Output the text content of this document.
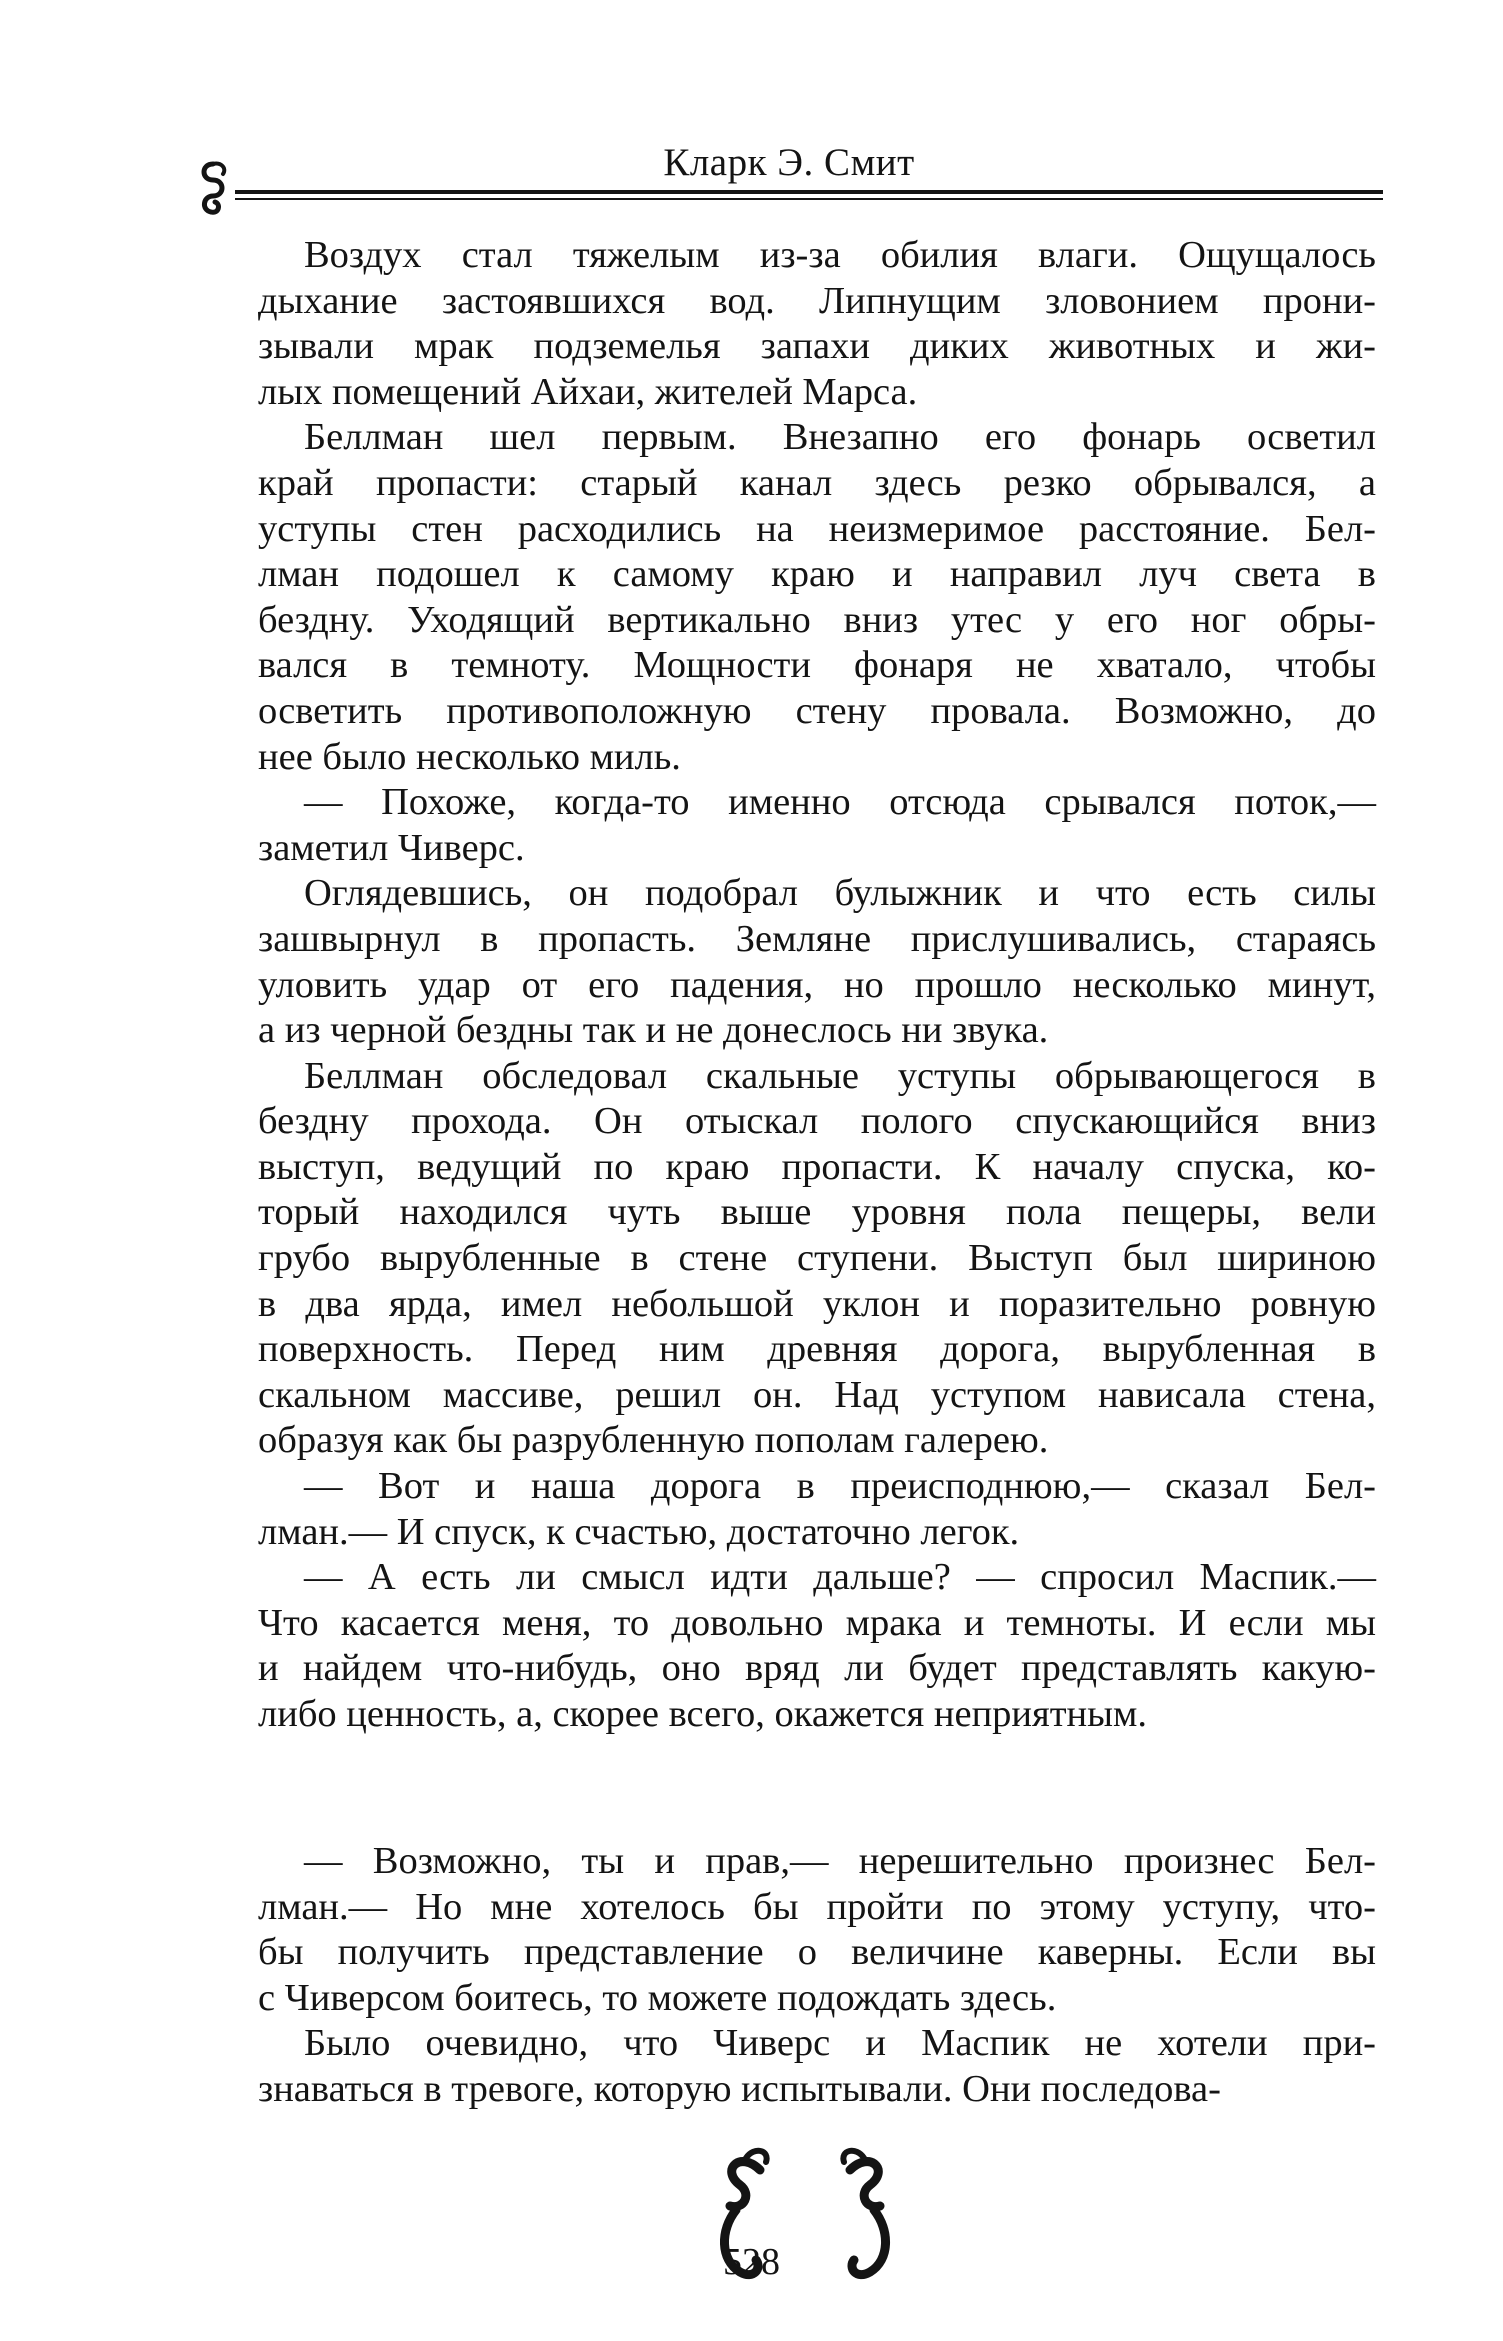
Кларк Э. Смит

Воздух стал тяжелым из-за обилия влаги. Ощущалось
дыхание застоявшихся вод. Липнущим зловонием прони-
зывали мрак подземелья запахи диких животных и жи-
лых помещений Айхаи, жителей Марса.

Беллман шел первым. Внезапно его фонарь осветил
край пропасти: старый канал здесь резко обрывался, а
уступы стен расходились на неизмеримое расстояние. Бел-
лман подошел к самому краю и направил луч света в
бездну. Уходящий вертикально вниз утес у его ног обры-
вался в темноту. Мощности фонаря не хватало, чтобы
осветить противоположную стену провала. Возможно, до
нее было несколько миль.

— Похоже, когда-то именно отсюда срывался поток,—
заметил Чиверс.

Оглядевшись, он подобрал булыжник и что есть силы
зашвырнул в пропасть. Земляне прислушивались, стараясь
уловить удар от его падения, но прошло несколько минут,
а из черной бездны так и не донеслось ни звука.

Беллман обследовал скальные уступы обрывающегося в
бездну прохода. Он отыскал полого спускающийся вниз
выступ, ведущий по краю пропасти. К началу спуска, ко-
торый находился чуть выше уровня пола пещеры, вели
грубо вырубленные в стенe ступени. Выступ был шириною
в два ярда, имел небольшой уклон и поразительно ровную
поверхность. Перед ним древняя дорога, вырубленная в
скальном массиве, решил он. Над уступом нависала стена,
образуя как бы разрубленную пополам галерею.

— Вот и наша дорога в преисподнюю,— сказал Бел-
лман.— И спуск, к счастью, достаточно легок.

— А есть ли смысл идти дальше? — спросил Маспик.—
Что касается меня, то довольно мрака и темноты. И если мы
и найдем что-нибудь, оно вряд ли будет представлять какую-
либо ценность, а, скорее всего, окажется неприятным.

— Возможно, ты и прав,— нерешительно произнес Бел-
лман.— Но мне хотелось бы пройти по этому уступу, что-
бы получить представление о величине каверны. Если вы
с Чиверсом боитесь, то можете подождать здесь.

Было очевидно, что Чиверс и Маспик не хотели при-
знаваться в тревоге, которую испытывали. Они последова-

528
